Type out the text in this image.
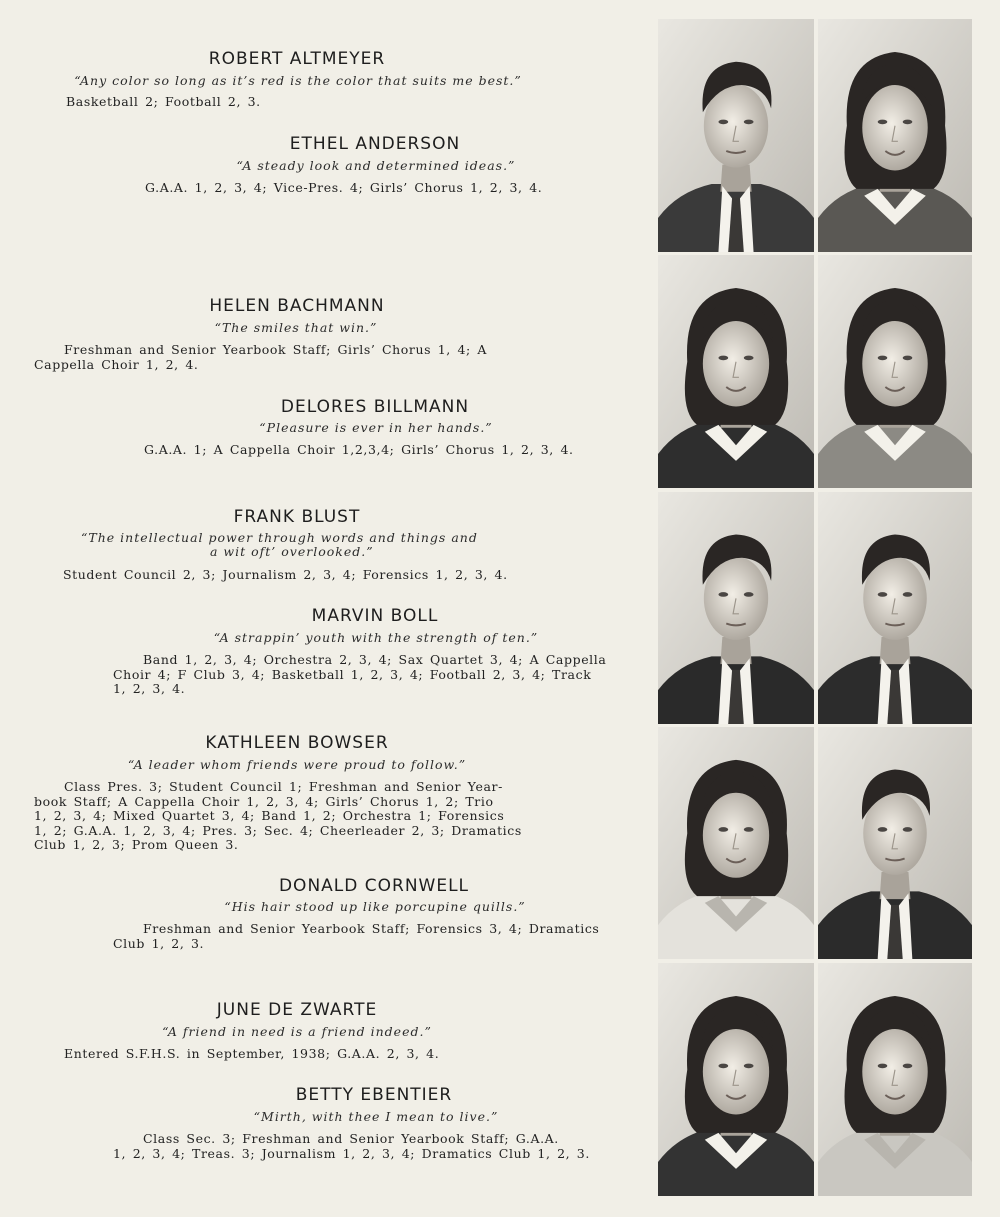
ROBERT ALTMEYER
“Any color so long as it’s red is the color that suits me best.”
Basketball 2; Football 2, 3.
ETHEL ANDERSON
“A steady look and determined ideas.”
G.A.A. 1, 2, 3, 4; Vice-Pres. 4; Girls’ Chorus 1, 2, 3, 4.
HELEN BACHMANN
“The smiles that win.”
Freshman and Senior Yearbook Staff; Girls’ Chorus 1, 4; A
Cappella Choir 1, 2, 4.
DELORES BILLMANN
“Pleasure is ever in her hands.”
G.A.A. 1; A Cappella Choir 1,2,3,4; Girls’ Chorus 1, 2, 3, 4.
FRANK BLUST
“The intellectual power through words and things and
a wit oft’ overlooked.”
Student Council 2, 3; Journalism 2, 3, 4; Forensics 1, 2, 3, 4.
MARVIN BOLL
“A strappin’ youth with the strength of ten.”
Band 1, 2, 3, 4; Orchestra 2, 3, 4; Sax Quartet 3, 4; A Cappella
Choir 4; F Club 3, 4; Basketball 1, 2, 3, 4; Football 2, 3, 4; Track
1, 2, 3, 4.
KATHLEEN BOWSER
“A leader whom friends were proud to follow.”
Class Pres. 3; Student Council 1; Freshman and Senior Year-
book Staff; A Cappella Choir 1, 2, 3, 4; Girls’ Chorus 1, 2; Trio
1, 2, 3, 4; Mixed Quartet 3, 4; Band 1, 2; Orchestra 1; Forensics
1, 2; G.A.A. 1, 2, 3, 4; Pres. 3; Sec. 4; Cheerleader 2, 3; Dramatics
Club 1, 2, 3; Prom Queen 3.
DONALD CORNWELL
“His hair stood up like porcupine quills.”
Freshman and Senior Yearbook Staff; Forensics 3, 4; Dramatics
Club 1, 2, 3.
JUNE DE ZWARTE
“A friend in need is a friend indeed.”
Entered S.F.H.S. in September, 1938; G.A.A. 2, 3, 4.
BETTY EBENTIER
“Mirth, with thee I mean to live.”
Class Sec. 3; Freshman and Senior Yearbook Staff; G.A.A.
1, 2, 3, 4; Treas. 3; Journalism 1, 2, 3, 4; Dramatics Club 1, 2, 3.
